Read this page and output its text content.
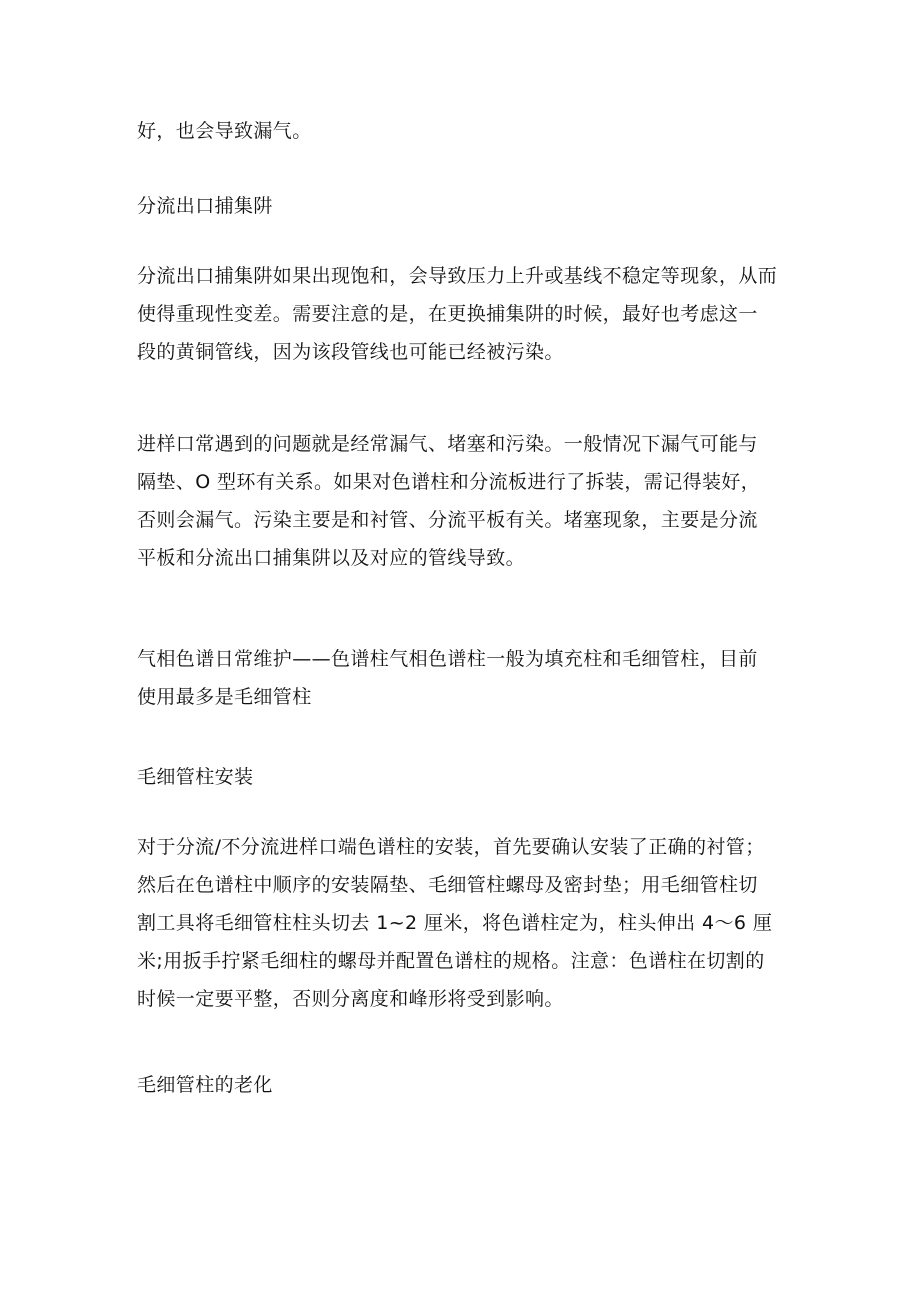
好，也会导致漏气。

分流出口捕集阱

分流出口捕集阱如果出现饱和，会导致压力上升或基线不稳定等现象，从而
使得重现性变差。需要注意的是，在更换捕集阱的时候，最好也考虑这一
段的黄铜管线，因为该段管线也可能已经被污染。

进样口常遇到的问题就是经常漏气、堵塞和污染。一般情况下漏气可能与
隔垫、O 型环有关系。如果对色谱柱和分流板进行了拆装，需记得装好，
否则会漏气。污染主要是和衬管、分流平板有关。堵塞现象，主要是分流
平板和分流出口捕集阱以及对应的管线导致。

气相色谱日常维护——色谱柱气相色谱柱一般为填充柱和毛细管柱，目前
使用最多是毛细管柱

毛细管柱安装

对于分流/不分流进样口端色谱柱的安装，首先要确认安装了正确的衬管；
然后在色谱柱中顺序的安装隔垫、毛细管柱螺母及密封垫；用毛细管柱切
割工具将毛细管柱柱头切去 1~2 厘米，将色谱柱定为，柱头伸出 4～6 厘
米;用扳手拧紧毛细柱的螺母并配置色谱柱的规格。注意：色谱柱在切割的
时候一定要平整，否则分离度和峰形将受到影响。

毛细管柱的老化
